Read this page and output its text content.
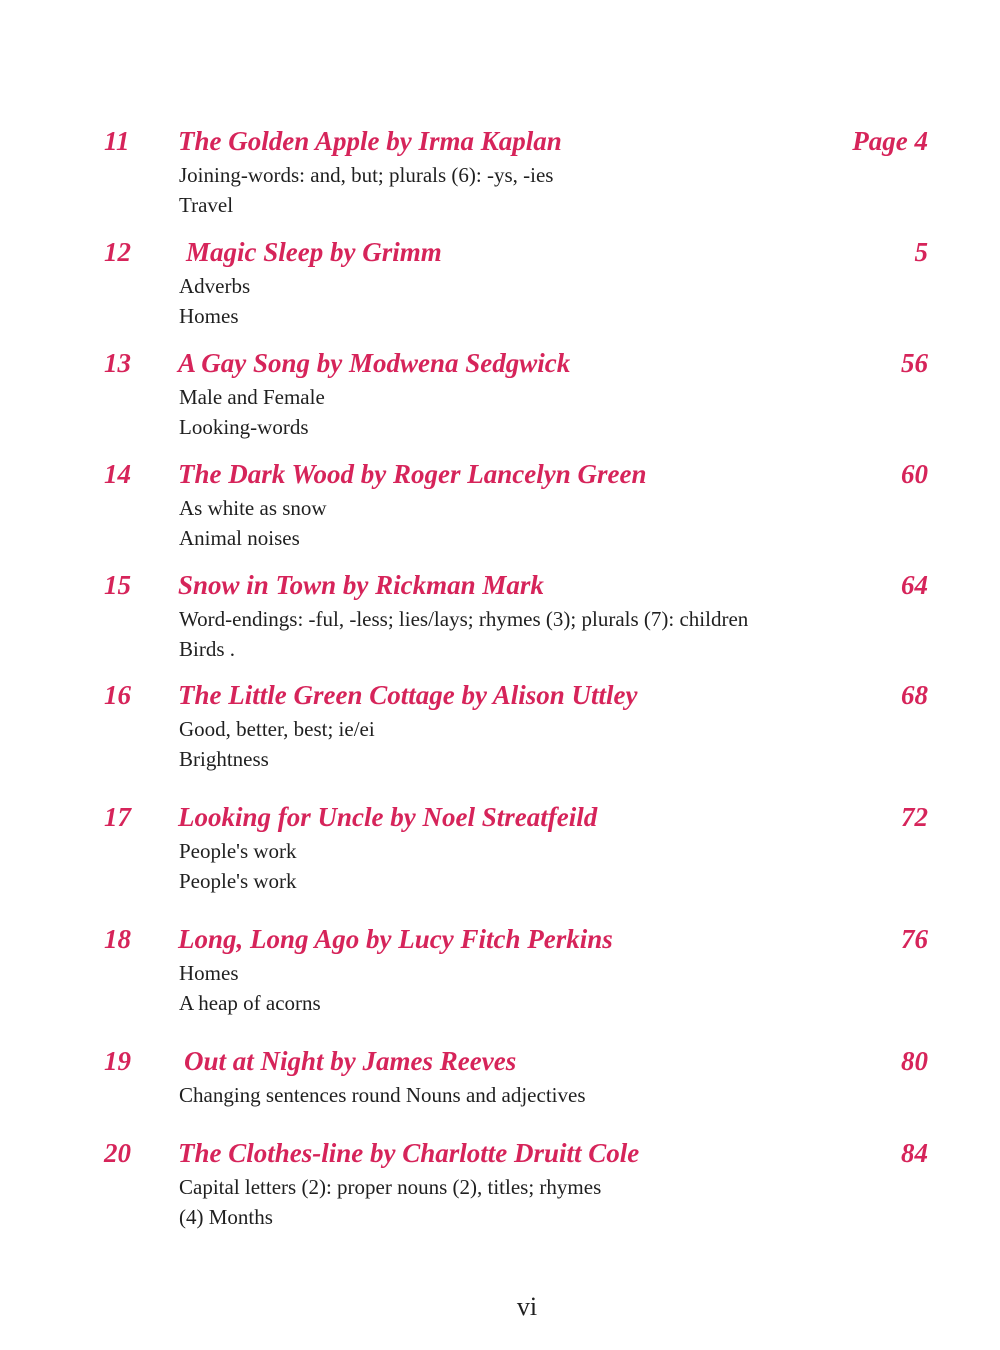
11 The Golden Apple by Irma Kaplan	Page 4
Joining-words: and, but; plurals (6): -ys, -ies
Travel
12 Magic Sleep by Grimm	5
Adverbs
Homes
13 A Gay Song by Modwena Sedgwick	56
Male and Female
Looking-words
14 The Dark Wood by Roger Lancelyn Green	60
As white as snow
Animal noises
15 Snow in Town by Rickman Mark	64
Word-endings: -ful, -less; lies/lays; rhymes (3); plurals (7): children
Birds .
16 The Little Green Cottage by Alison Uttley	68
Good, better, best; ie/ei
Brightness
17 Looking for Uncle by Noel Streatfeild	72
People's work
People's work
18 Long, Long Ago by Lucy Fitch Perkins	76
Homes
A heap of acorns
19 Out at Night by James Reeves	80
Changing sentences round Nouns and adjectives
20 The Clothes-line by Charlotte Druitt Cole	84
Capital letters (2): proper nouns (2), titles; rhymes
(4) Months
vi
